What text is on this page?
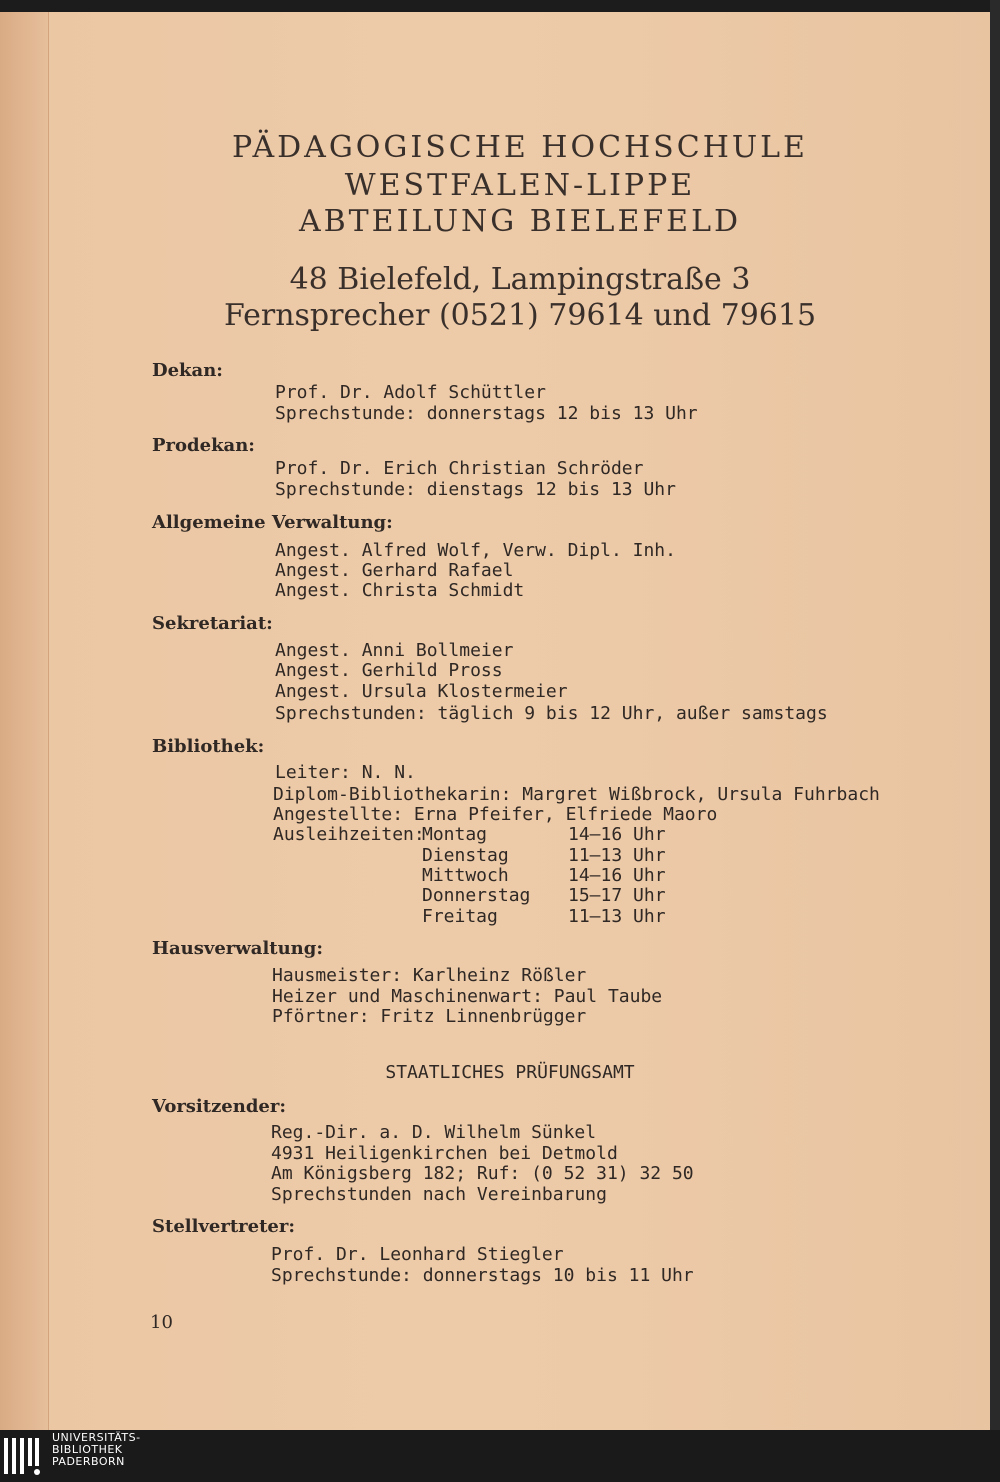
PÄDAGOGISCHE HOCHSCHULE
WESTFALEN-LIPPE
ABTEILUNG BIELEFELD
48 Bielefeld, Lampingstraße 3
Fernsprecher (0521) 79614 und 79615
Dekan:
Prof. Dr. Adolf Schüttler
Sprechstunde: donnerstags 12 bis 13 Uhr
Prodekan:
Prof. Dr. Erich Christian Schröder
Sprechstunde: dienstags 12 bis 13 Uhr
Allgemeine Verwaltung:
Angest. Alfred Wolf, Verw. Dipl. Inh.
Angest. Gerhard Rafael
Angest. Christa Schmidt
Sekretariat:
Angest. Anni Bollmeier
Angest. Gerhild Pross
Angest. Ursula Klostermeier
Sprechstunden: täglich 9 bis 12 Uhr, außer samstags
Bibliothek:
Leiter: N. N.
Diplom-Bibliothekarin: Margret Wißbrock, Ursula Fuhrbach
Angestellte: Erna Pfeifer, Elfriede Maoro
Ausleihzeiten:
Montag	14—16 Uhr
Dienstag	11—13 Uhr
Mittwoch	14—16 Uhr
Donnerstag 15—17 Uhr
Freitag	11—13 Uhr
Hausverwaltung:
Hausmeister: Karlheinz Rößler
Heizer und Maschinenwart: Paul Taube
Pförtner: Fritz Linnenbrügger
STAATLICHES PRÜFUNGSAMT
Vorsitzender:
Reg.-Dir. a. D. Wilhelm Sünkel
4931 Heiligenkirchen bei Detmold
Am Königsberg 182; Ruf: (0 52 31) 32 50
Sprechstunden nach Vereinbarung
Stellvertreter:
Prof. Dr. Leonhard Stiegler
Sprechstunde: donnerstags 10 bis 11 Uhr
10
UNIVERSITÄTS-
BIBLIOTHEK
PADERBORN
